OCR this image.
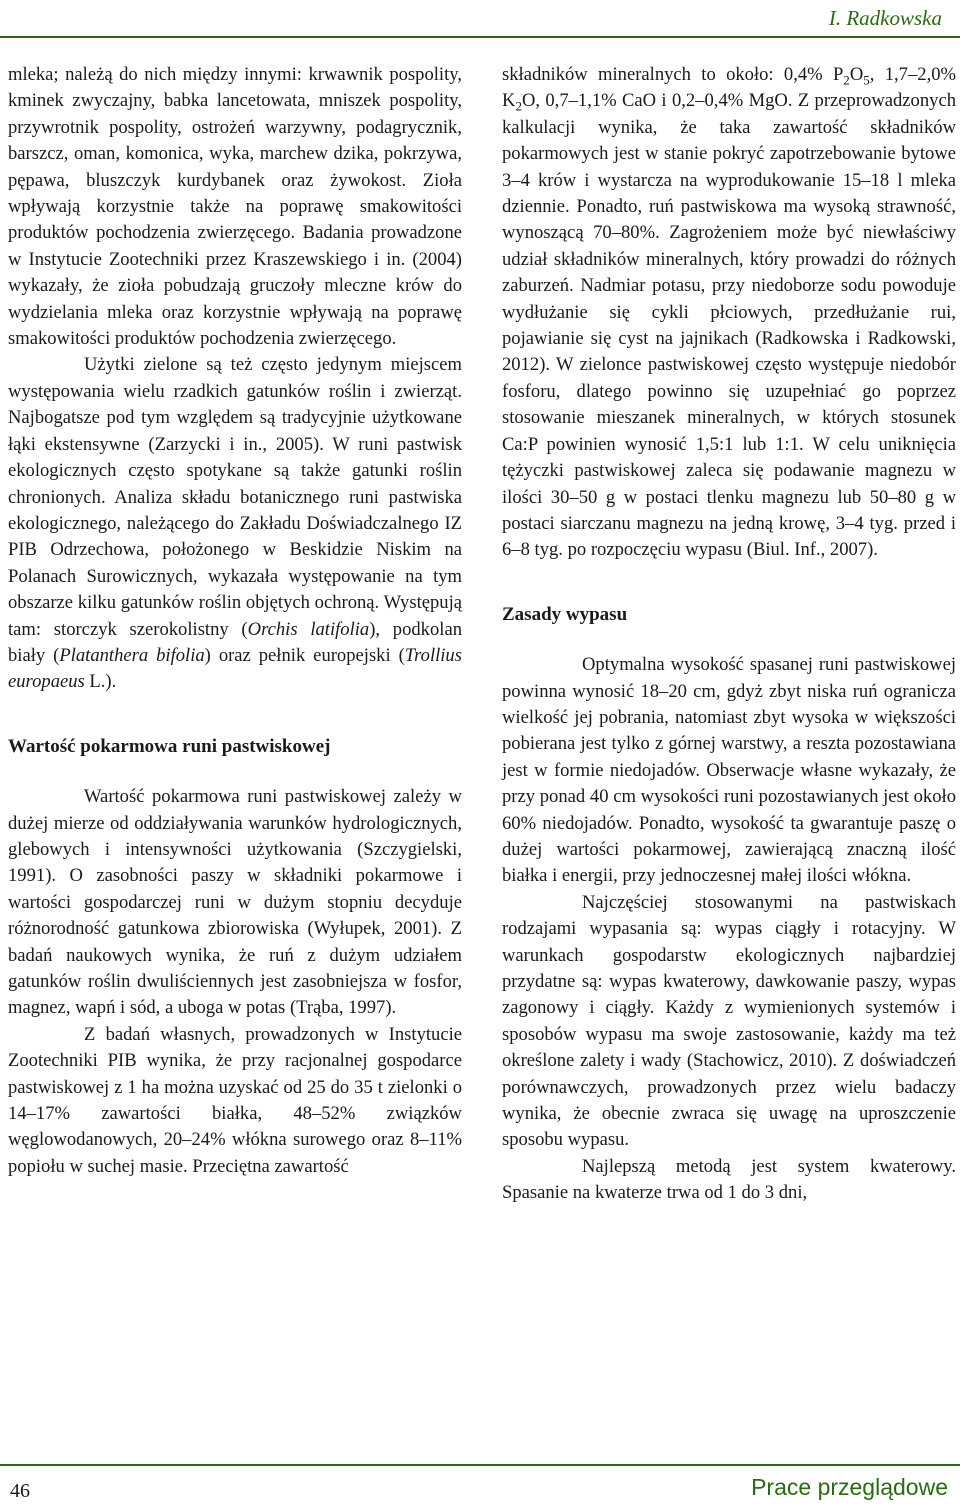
I. Radkowska

mleka; należą do nich między innymi: krwawnik pospolity, kminek zwyczajny, babka lancetowata, mniszek pospolity, przywrotnik pospolity, ostrożeń warzywny, podagrycznik, barszcz, oman, komonica, wyka, marchew dzika, pokrzywa, pępawa, bluszczyk kurdybanek oraz żywokost. Zioła wpływają korzystnie także na poprawę smakowitości produktów pochodzenia zwierzęcego. Badania prowadzone w Instytucie Zootechniki przez Kraszewskiego i in. (2004) wykazały, że zioła pobudzają gruczoły mleczne krów do wydzielania mleka oraz korzystnie wpływają na poprawę smakowitości produktów pochodzenia zwierzęcego.

Użytki zielone są też często jedynym miejscem występowania wielu rzadkich gatunków roślin i zwierząt. Najbogatsze pod tym względem są tradycyjnie użytkowane łąki ekstensywne (Zarzycki i in., 2005). W runi pastwisk ekologicznych często spotykane są także gatunki roślin chronionych. Analiza składu botanicznego runi pastwiska ekologicznego, należącego do Zakładu Doświadczalnego IZ PIB Odrzechowa, położonego w Beskidzie Niskim na Polanach Surowicznych, wykazała występowanie na tym obszarze kilku gatunków roślin objętych ochroną. Występują tam: storczyk szerokolistny (Orchis latifolia), podkolan biały (Platanthera bifolia) oraz pełnik europejski (Trollius europaeus L.).

Wartość pokarmowa runi pastwiskowej

Wartość pokarmowa runi pastwiskowej zależy w dużej mierze od oddziaływania warunków hydrologicznych, glebowych i intensywności użytkowania (Szczygielski, 1991). O zasobności paszy w składniki pokarmowe i wartości gospodarczej runi w dużym stopniu decyduje różnorodność gatunkowa zbiorowiska (Wyłupek, 2001). Z badań naukowych wynika, że ruń z dużym udziałem gatunków roślin dwuliściennych jest zasobniejsza w fosfor, magnez, wapń i sód, a uboga w potas (Trąba, 1997).

Z badań własnych, prowadzonych w Instytucie Zootechniki PIB wynika, że przy racjonalnej gospodarce pastwiskowej z 1 ha można uzyskać od 25 do 35 t zielonki o 14–17% zawartości białka, 48–52% związków węglowodanowych, 20–24% włókna surowego oraz 8–11% popiołu w suchej masie. Przeciętna zawartość

składników mineralnych to około: 0,4% $P_2O_5$, 1,7–2,0% $K_2O$, 0,7–1,1% CaO i 0,2–0,4% MgO. Z przeprowadzonych kalkulacji wynika, że taka zawartość składników pokarmowych jest w stanie pokryć zapotrzebowanie bytowe 3–4 krów i wystarcza na wyprodukowanie 15–18 l mleka dziennie. Ponadto, ruń pastwiskowa ma wysoką strawność, wynoszącą 70–80%. Zagrożeniem może być niewłaściwy udział składników mineralnych, który prowadzi do różnych zaburzeń. Nadmiar potasu, przy niedoborze sodu powoduje wydłużanie się cykli płciowych, przedłużanie rui, pojawianie się cyst na jajnikach (Radkowska i Radkowski, 2012). W zielonce pastwiskowej często występuje niedobór fosforu, dlatego powinno się uzupełniać go poprzez stosowanie mieszanek mineralnych, w których stosunek Ca:P powinien wynosić 1,5:1 lub 1:1. W celu uniknięcia tężyczki pastwiskowej zaleca się podawanie magnezu w ilości 30–50 g w postaci tlenku magnezu lub 50–80 g w postaci siarczanu magnezu na jedną krowę, 3–4 tyg. przed i 6–8 tyg. po rozpoczęciu wypasu (Biul. Inf., 2007).

Zasady wypasu

Optymalna wysokość spasanej runi pastwiskowej powinna wynosić 18–20 cm, gdyż zbyt niska ruń ogranicza wielkość jej pobrania, natomiast zbyt wysoka w większości pobierana jest tylko z górnej warstwy, a reszta pozostawiana jest w formie niedojadów. Obserwacje własne wykazały, że przy ponad 40 cm wysokości runi pozostawianych jest około 60% niedojadów. Ponadto, wysokość ta gwarantuje paszę o dużej wartości pokarmowej, zawierającą znaczną ilość białka i energii, przy jednoczesnej małej ilości włókna.

Najczęściej stosowanymi na pastwiskach rodzajami wypasania są: wypas ciągły i rotacyjny. W warunkach gospodarstw ekologicznych najbardziej przydatne są: wypas kwaterowy, dawkowanie paszy, wypas zagonowy i ciągły. Każdy z wymienionych systemów i sposobów wypasu ma swoje zastosowanie, każdy ma też określone zalety i wady (Stachowicz, 2010). Z doświadczeń porównawczych, prowadzonych przez wielu badaczy wynika, że obecnie zwraca się uwagę na uproszczenie sposobu wypasu.

Najlepszą metodą jest system kwaterowy. Spasanie na kwaterze trwa od 1 do 3 dni,

46	Prace przeglądowe
